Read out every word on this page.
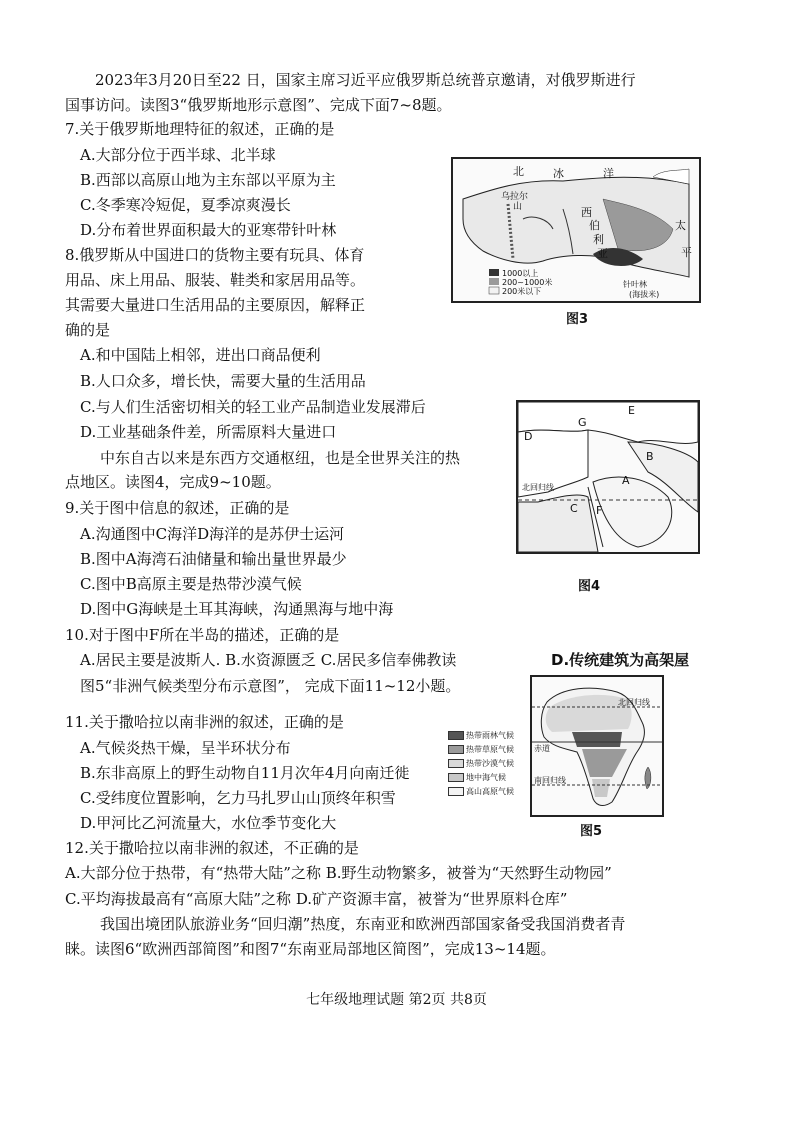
2023年3月20日至22 日，国家主席习近平应俄罗斯总统普京邀请，对俄罗斯进行
国事访问。读图3“俄罗斯地形示意图”、完成下面7~8题。
7.关于俄罗斯地理特征的叙述，正确的是
A.大部分位于西半球、北半球
B.西部以高原山地为主东部以平原为主
C.冬季寒冷短促，夏季凉爽漫长
D.分布着世界面积最大的亚寒带针叶林
8.俄罗斯从中国进口的货物主要有玩具、体育
用品、床上用品、服装、鞋类和家居用品等。
其需要大量进口生活用品的主要原因，解释正
确的是
A.和中国陆上相邻，进出口商品便利
B.人口众多，增长快，需要大量的生活用品
C.与人们生活密切相关的轻工业产品制造业发展滞后
D.工业基础条件差，所需原料大量进口
中东自古以来是东西方交通枢纽，也是全世界关注的热
点地区。读图4，完成9~10题。
9.关于图中信息的叙述，正确的是
A.沟通图中C海洋D海洋的是苏伊士运河
B.图中A海湾石油储量和输出量世界最少
C.图中B高原主要是热带沙漠气候
D.图中G海峡是土耳其海峡，沟通黑海与地中海
10.对于图中F所在半岛的描述，正确的是
A.居民主要是波斯人. B.水资源匮乏 C.居民多信奉佛教读	D.传统建筑为高架屋
图5“非洲气候类型分布示意图”， 完成下面11~12小题。
11.关于撒哈拉以南非洲的叙述，正确的是
A.气候炎热干燥，呈半环状分布
B.东非高原上的野生动物自11月次年4月向南迁徙
C.受纬度位置影响，乞力马扎罗山山顶终年积雪
D.甲河比乙河流量大，水位季节变化大
12.关于撒哈拉以南非洲的叙述，不正确的是
A.大部分位于热带，有“热带大陆”之称 B.野生动物繁多，被誉为“天然野生动物园”
C.平均海拔最高有“高原大陆”之称 D.矿产资源丰富，被誉为“世界原料仓库”
我国出境团队旅游业务“回归潮”热度，东南亚和欧洲西部国家备受我国消费者青
睐。读图6“欧洲西部简图”和图7“东南亚局部地区简图”，完成13~14题。
七年级地理试题 第2页 共8页
北	冰	洋
太
平
乌拉尔
山	西
伯
利
亚
1000以上
200~1000米
200米以下
针叶林
(海拔米)
图3
E
D
B
A
C F
G
北回归线
图4
北回归线
赤道
南回归线
图5
热带雨林气候
热带草原气候
热带沙漠气候
地中海气候
高山高原气候
